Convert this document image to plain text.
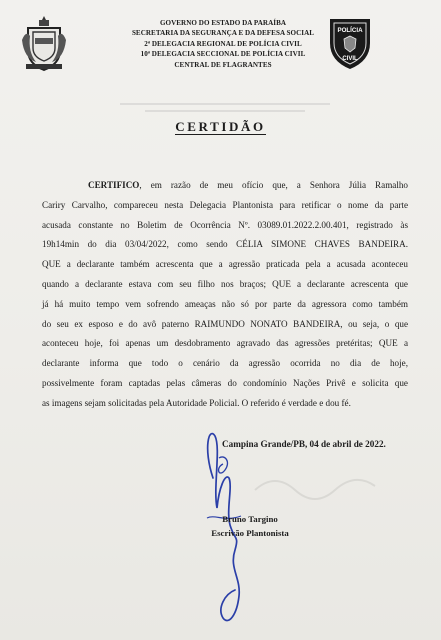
GOVERNO DO ESTADO DA PARAÍBA
SECRETARIA DA SEGURANÇA E DA DEFESA SOCIAL
2ª DELEGACIA REGIONAL DE POLÍCIA CIVIL
10ª DELEGACIA SECCIONAL DE POLÍCIA CIVIL
CENTRAL DE FLAGRANTES
POLÍCIA
CIVIL
CERTIDÃO
CERTIFICO, em razão de meu ofício que, a Senhora Júlia Ramalho
Cariry Carvalho, compareceu nesta Delegacia Plantonista para retificar o nome da parte
acusada constante no Boletim de Ocorrência Nº. 03089.01.2022.2.00.401, registrado às
19h14min do dia 03/04/2022, como sendo CÉLIA SIMONE CHAVES BANDEIRA.
QUE a declarante também acrescenta que a agressão praticada pela a acusada aconteceu
quando a declarante estava com seu filho nos braços; QUE a declarante acrescenta que
já há muito tempo vem sofrendo ameaças não só por parte da agressora como também
do seu ex esposo e do avô paterno RAIMUNDO NONATO BANDEIRA, ou seja, o que
aconteceu hoje, foi apenas um desdobramento agravado das agressões pretéritas; QUE a
declarante informa que todo o cenário da agressão ocorrida no dia de hoje,
possivelmente foram captadas pelas câmeras do condomínio Nações Privê e solicita que
as imagens sejam solicitadas pela Autoridade Policial. O referido é verdade e dou fé.
Campina Grande/PB, 04 de abril de 2022.
Bruno Targino
Escrivão Plantonista
